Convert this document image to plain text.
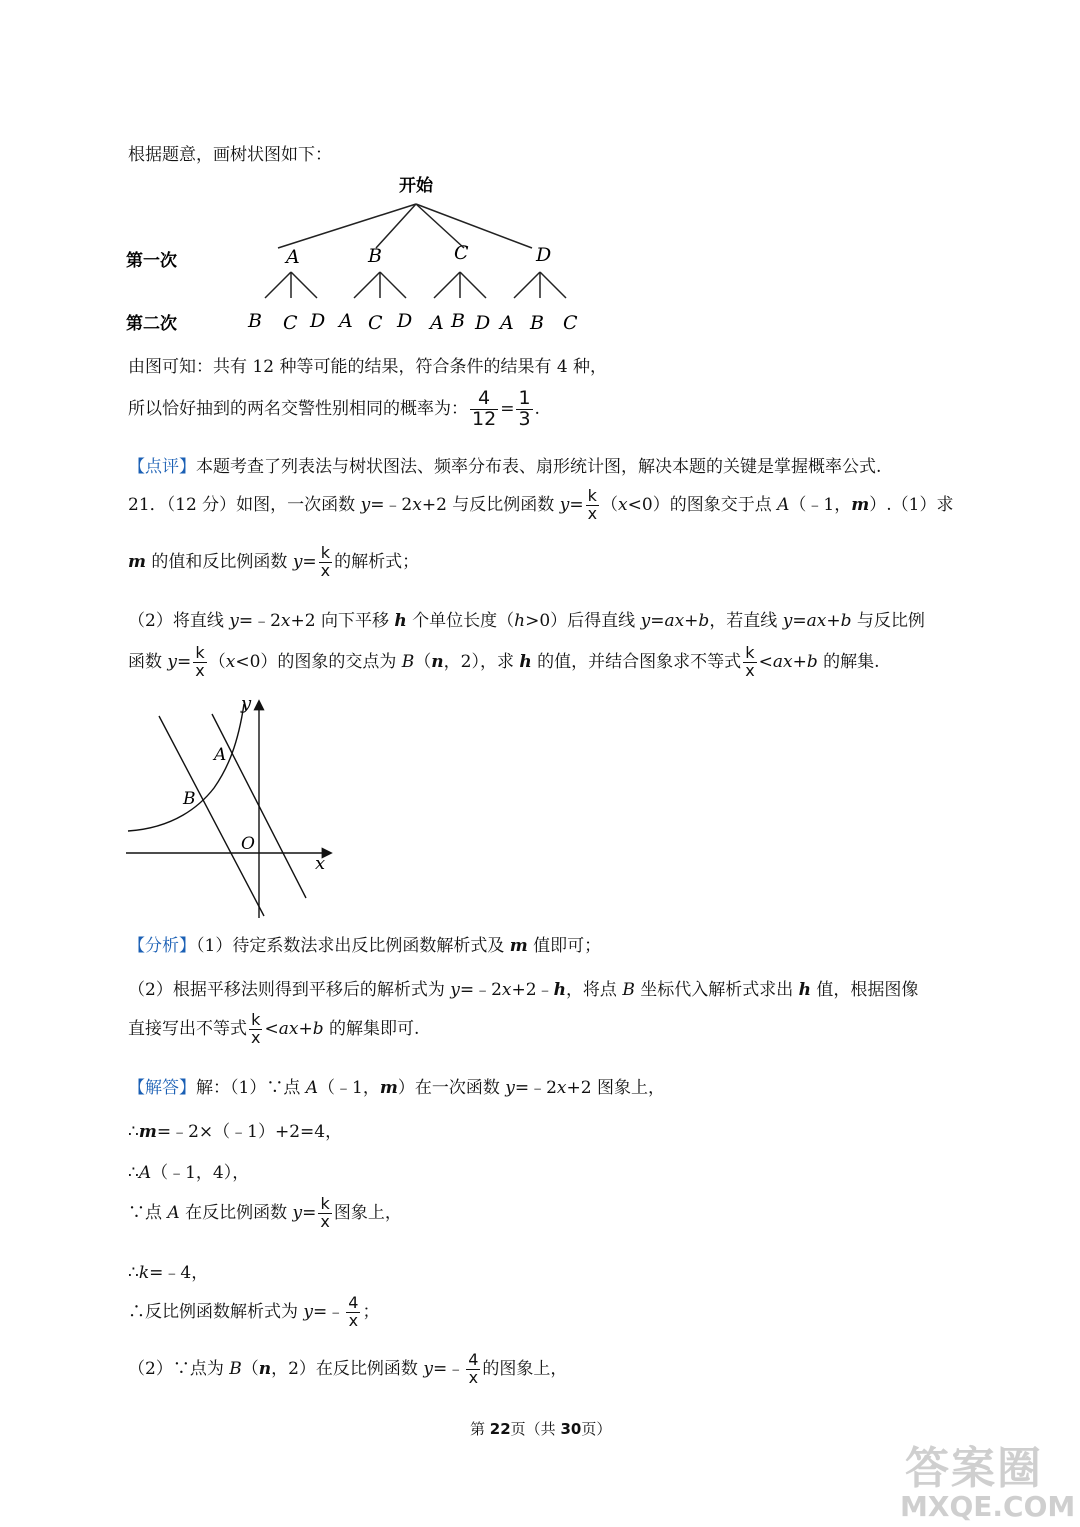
根据题意，画树状图如下：
开始
第一次
第二次
A	B	C	D
B C D A C D A B D A B C
由图可知：共有 12 种等可能的结果，符合条件的结果有 4 种，
所以恰好抽到的两名交警性别相同的概率为： $\frac{4}{12} = \frac{1}{3}$ .
【点评】本题考查了列表法与树状图法、频率分布表、扇形统计图，解决本题的关键是掌握概率公式.
21．（12 分）如图，一次函数 y=﹣2x+2 与反比例函数 $y= \frac{k}{x} (x<0)$的图象交于点 A（﹣1，m）.（1）求
m 的值和反比例函数 $y= \frac{k}{x}$ 的解析式；
（2）将直线 y=﹣2x+2 向下平移 h 个单位长度（h>0）后得直线 y=ax+b，若直线 y=ax+b 与反比例
函数 $y= \frac{k}{x} (x<0)$的图象的交点为 B（n，2），求 h 的值，并结合图象求不等式 $\frac{k}{x} <ax+b$ 的解集.
y
x
O
A
B
【分析】（1）待定系数法求出反比例函数解析式及 m 值即可；
（2）根据平移法则得到平移后的解析式为 y=﹣2x+2﹣h，将点 B 坐标代入解析式求出 h 值，根据图像
直接写出不等式 $\frac{k}{x} <ax+b$ 的解集即可.
【解答】解：（1）∵点 A（﹣1，m）在一次函数 y=﹣2x+2 图象上，
∴m=﹣2×（﹣1）+2=4，
∴A（﹣1，4），
∵点 A 在反比例函数 $y= \frac{k}{x}$ 图象上，
∴k=﹣4，
∴反比例函数解析式为 y=﹣ $\frac{4}{x}$ ；
（2）∵点为 B（n，2）在反比例函数 y=﹣ $\frac{4}{x}$ 的图象上，
第 22页（共 30页）
答案圈
MXQE.COM
